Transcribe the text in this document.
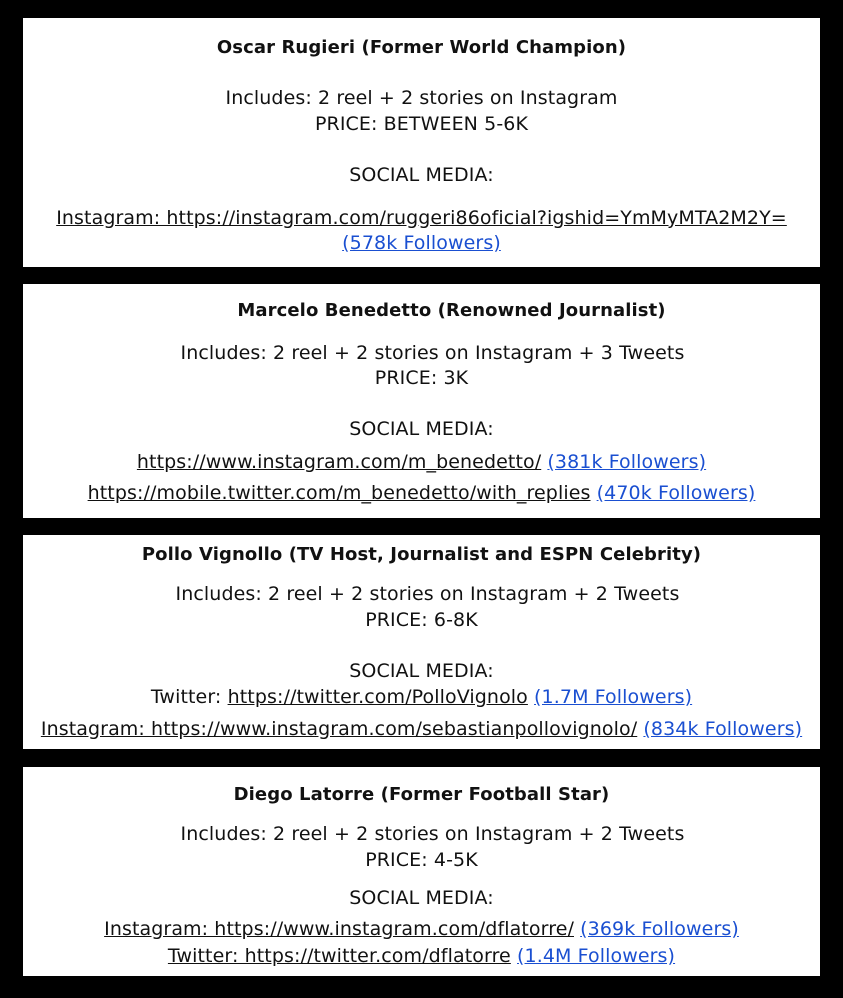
Oscar Rugieri (Former World Champion)
Includes: 2 reel + 2 stories on Instagram
PRICE: BETWEEN 5-6K
SOCIAL MEDIA:
Instagram: https://instagram.com/ruggeri86oficial?igshid=YmMyMTA2M2Y=
(578k Followers)
Marcelo Benedetto (Renowned Journalist)
Includes: 2 reel + 2 stories on Instagram + 3 Tweets
PRICE: 3K
SOCIAL MEDIA:
https://www.instagram.com/m_benedetto/ (381k Followers)
https://mobile.twitter.com/m_benedetto/with_replies (470k Followers)
Pollo Vignollo (TV Host, Journalist and ESPN Celebrity)
Includes: 2 reel + 2 stories on Instagram + 2 Tweets
PRICE: 6-8K
SOCIAL MEDIA:
Twitter: https://twitter.com/PolloVignolo (1.7M Followers)
Instagram: https://www.instagram.com/sebastianpollovignolo/ (834k Followers)
Diego Latorre (Former Football Star)
Includes: 2 reel + 2 stories on Instagram + 2 Tweets
PRICE: 4-5K
SOCIAL MEDIA:
Instagram: https://www.instagram.com/dflatorre/ (369k Followers)
Twitter: https://twitter.com/dflatorre (1.4M Followers)
